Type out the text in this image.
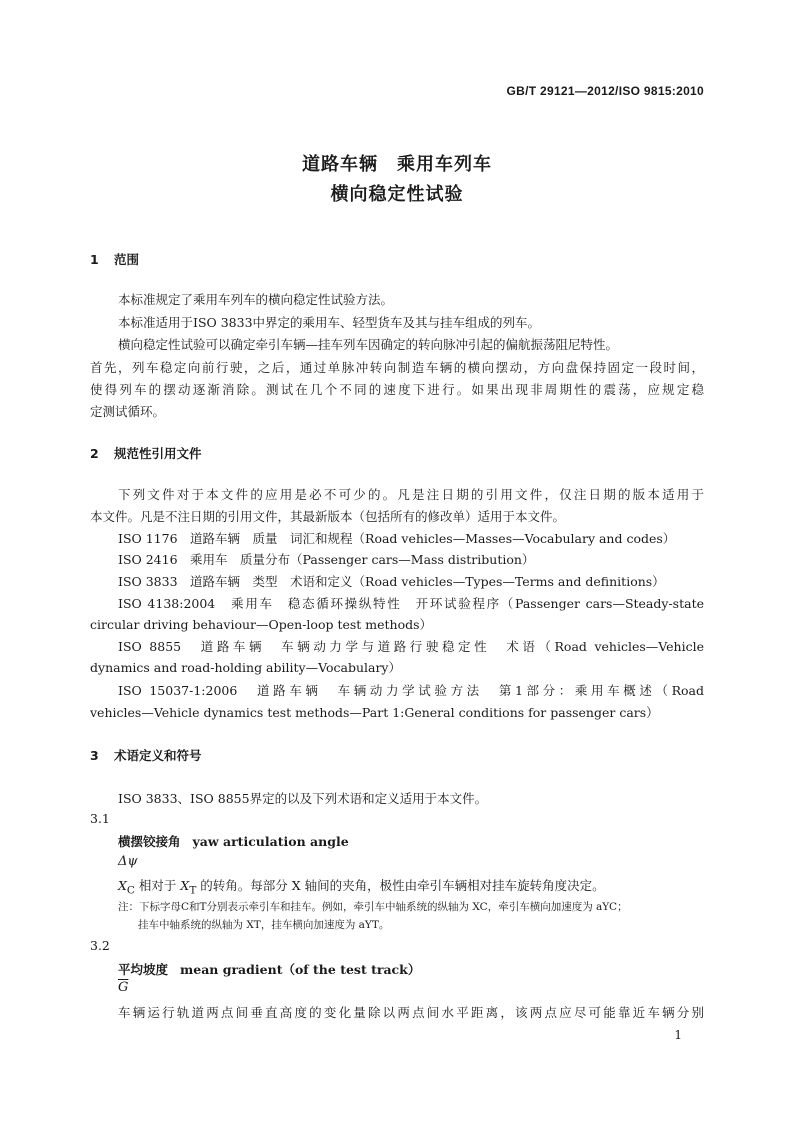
GB/T 29121—2012/ISO 9815:2010
道路车辆　乘用车列车
横向稳定性试验
1 范围
本标准规定了乘用车列车的横向稳定性试验方法。
本标准适用于ISO 3833中界定的乘用车、轻型货车及其与挂车组成的列车。
横向稳定性试验可以确定牵引车辆—挂车列车因确定的转向脉冲引起的偏航振荡阻尼特性。
首先，列车稳定向前行驶，之后，通过单脉冲转向制造车辆的横向摆动，方向盘保持固定一段时间，
使得列车的摆动逐渐消除。测试在几个不同的速度下进行。如果出现非周期性的震荡，应规定稳
定测试循环。
2 规范性引用文件
下列文件对于本文件的应用是必不可少的。凡是注日期的引用文件，仅注日期的版本适用于
本文件。凡是不注日期的引用文件，其最新版本（包括所有的修改单）适用于本文件。
ISO 1176　道路车辆　质量　词汇和规程（Road vehicles—Masses—Vocabulary and codes）
ISO 2416　乘用车　质量分布（Passenger cars—Mass distribution）
ISO 3833　道路车辆　类型　术语和定义（Road vehicles—Types—Terms and definitions）
ISO 4138:2004　乘用车　稳态循环操纵特性　开环试验程序（Passenger cars—Steady-state
circular driving behaviour—Open-loop test methods）
ISO 8855　道路车辆　车辆动力学与道路行驶稳定性　术语（Road vehicles—Vehicle
dynamics and road-holding ability—Vocabulary）
ISO 15037-1:2006　道路车辆　车辆动力学试验方法　第1部分：乘用车概述（Road
vehicles—Vehicle dynamics test methods—Part 1:General conditions for passenger cars）
3 术语定义和符号
ISO 3833、ISO 8855界定的以及下列术语和定义适用于本文件。
3.1
横摆铰接角 yaw articulation angle
Δψ
$X_C$ 相对于 $X_T$ 的转角。每部分 X 轴间的夹角，极性由牵引车辆相对挂车旋转角度决定。
注：下标字母C和T分别表示牵引车和挂车。例如，牵引车中轴系统的纵轴为 XC，牵引车横向加速度为 aYC；
挂车中轴系统的纵轴为 XT，挂车横向加速度为 aYT。
3.2
平均坡度 mean gradient（of the test track）
$\overline{G}$
车辆运行轨道两点间垂直高度的变化量除以两点间水平距离，该两点应尽可能靠近车辆分别
1
